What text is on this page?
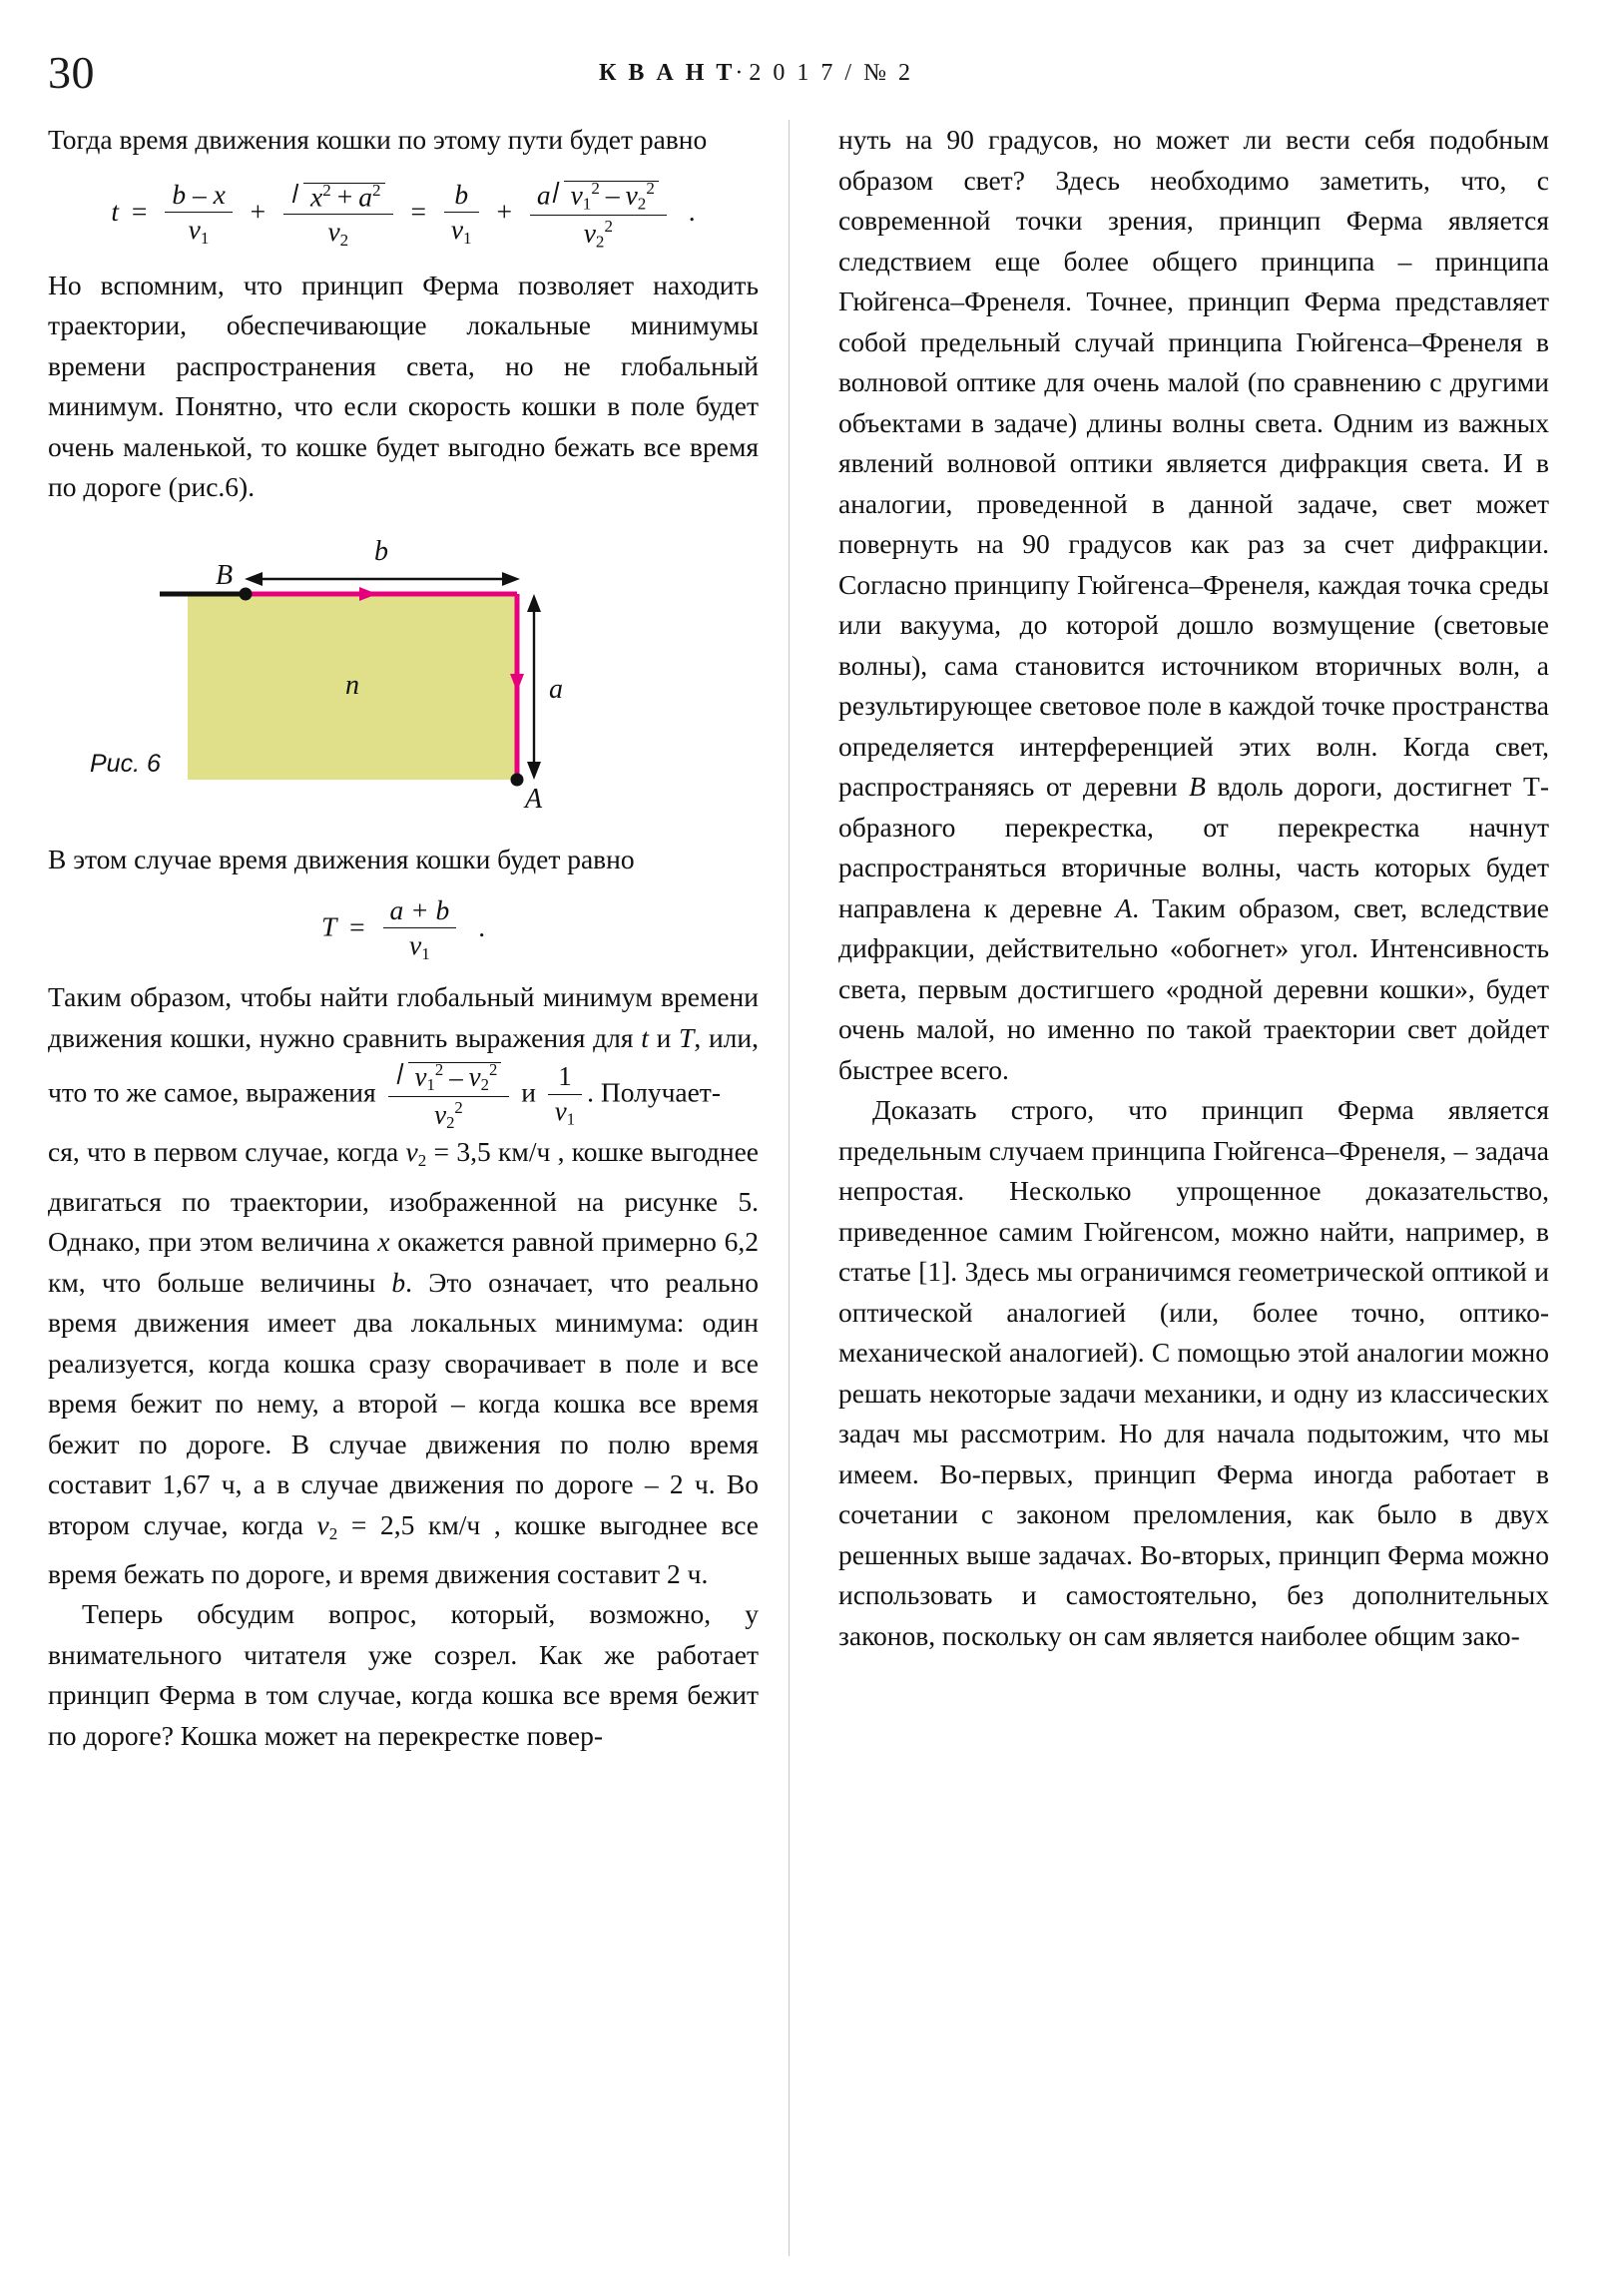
30	К В А Н Т·2 0 1 7 / № 2

Тогда время движения кошки по этому пути будет равно

$t = \frac{b - x}{v_1} + \frac{x^2 + a^2}{v_2} = \frac{b}{v_1} + \frac{a v_1^2 - v_2^2}{v_2^2}$ .

Но вспомним, что принцип Ферма позволяет находить траектории, обеспечивающие локальные минимумы времени распространения света, но не глобальный минимум. Понятно, что если скорость кошки в поле будет очень маленькой, то кошке будет выгодно бежать все время по дороге (рис.6).

B
A
b
a
n
Рис. 6

В этом случае время движения кошки будет равно

$T = \frac{a + b}{v_1}$ .

Таким образом, чтобы найти глобальный минимум времени движения кошки, нужно сравнить выражения для t и T, или, что то же самое, выражения $\frac{v_1^2 - v_2^2}{v_2^2}$ и $\frac{1}{v_1}$ . Получает-

ся, что в первом случае, когда $v_2 = 3,5$ км/ч , кошке выгоднее двигаться по траектории, изображенной на рисунке 5. Однако, при этом величина x окажется равной примерно 6,2 км, что больше величины b. Это означает, что реально время движения имеет два локальных минимума: один реализуется, когда кошка сразу сворачивает в поле и все время бежит по нему, а второй – когда кошка все время бежит по дороге. В случае движения по полю время составит 1,67 ч, а в случае движения по дороге – 2 ч. Во втором случае, когда $v_2 = 2,5$ км/ч , кошке выгоднее все время бежать по дороге, и время движения составит 2 ч.

Теперь обсудим вопрос, который, возможно, у внимательного читателя уже созрел. Как же работает принцип Ферма в том случае, когда кошка все время бежит по дороге? Кошка может на перекрестке повер-

нуть на 90 градусов, но может ли вести себя подобным образом свет? Здесь необходимо заметить, что, с современной точки зрения, принцип Ферма является следствием еще более общего принципа – принципа Гюйгенса–Френеля. Точнее, принцип Ферма представляет собой предельный случай принципа Гюйгенса–Френеля в волновой оптике для очень малой (по сравнению с другими объектами в задаче) длины волны света. Одним из важных явлений волновой оптики является дифракция света. И в аналогии, проведенной в данной задаче, свет может повернуть на 90 градусов как раз за счет дифракции. Согласно принципу Гюйгенса–Френеля, каждая точка среды или вакуума, до которой дошло возмущение (световые волны), сама становится источником вторичных волн, а результирующее световое поле в каждой точке пространства определяется интерференцией этих волн. Когда свет, распространяясь от деревни B вдоль дороги, достигнет Т-образного перекрестка, от перекрестка начнут распространяться вторичные волны, часть которых будет направлена к деревне A. Таким образом, свет, вследствие дифракции, действительно «обогнет» угол. Интенсивность света, первым достигшего «родной деревни кошки», будет очень малой, но именно по такой траектории свет дойдет быстрее всего.

Доказать строго, что принцип Ферма является предельным случаем принципа Гюйгенса–Френеля, – задача непростая. Несколько упрощенное доказательство, приведенное самим Гюйгенсом, можно найти, например, в статье [1]. Здесь мы ограничимся геометрической оптикой и оптической аналогией (или, более точно, оптико-механической аналогией). С помощью этой аналогии можно решать некоторые задачи механики, и одну из классических задач мы рассмотрим. Но для начала подытожим, что мы имеем. Во-первых, принцип Ферма иногда работает в сочетании с законом преломления, как было в двух решенных выше задачах. Во-вторых, принцип Ферма можно использовать и самостоятельно, без дополнительных законов, поскольку он сам является наиболее общим зако-
